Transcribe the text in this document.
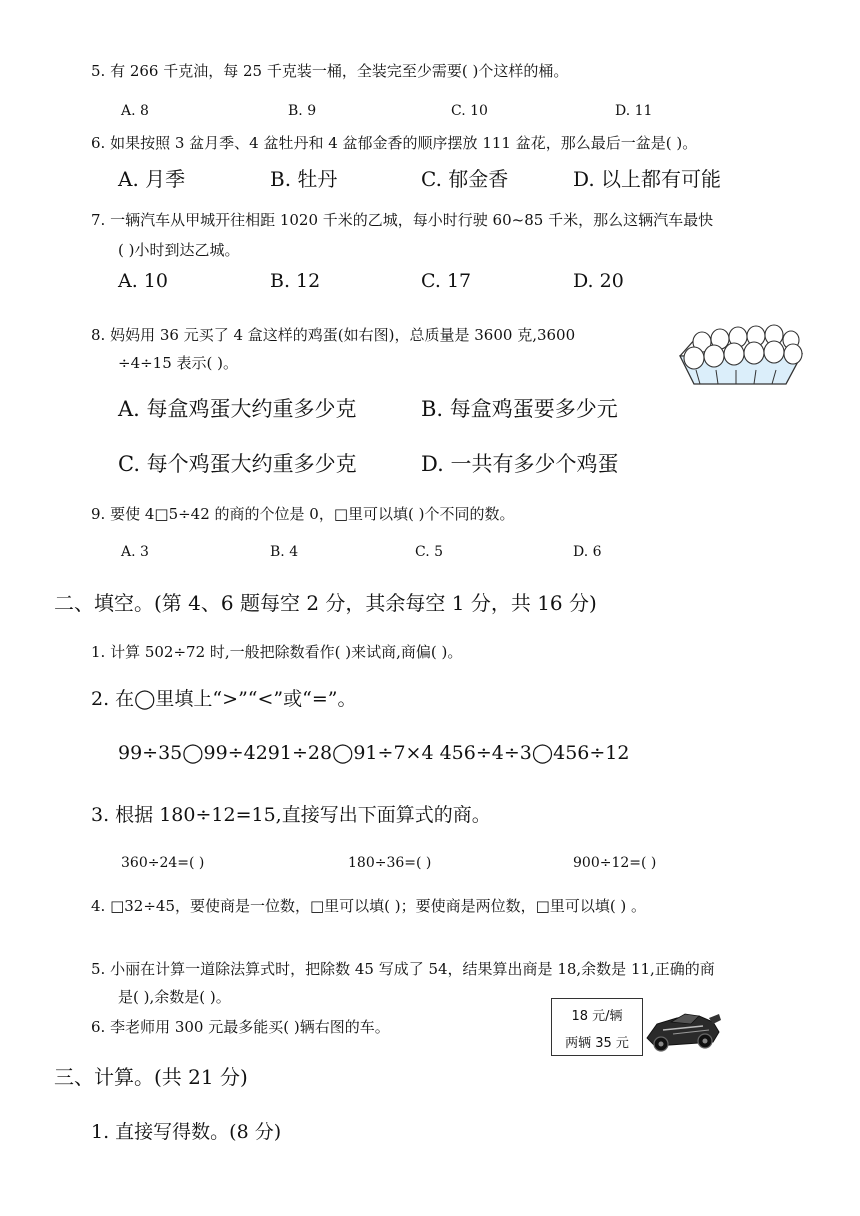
5. 有 266 千克油，每 25 千克装一桶，全装完至少需要( )个这样的桶。
A. 8	B. 9	C. 10	D. 11
6. 如果按照 3 盆月季、4 盆牡丹和 4 盆郁金香的顺序摆放 111 盆花，那么最后一盆是( )。
A. 月季	B. 牡丹	C. 郁金香	D. 以上都有可能
7. 一辆汽车从甲城开往相距 1020 千米的乙城，每小时行驶 60~85 千米，那么这辆汽车最快
( )小时到达乙城。
A. 10	B. 12	C. 17	D. 20
8. 妈妈用 36 元买了 4 盒这样的鸡蛋(如右图)，总质量是 3600 克,3600
÷4÷15 表示( )。
A. 每盒鸡蛋大约重多少克	B. 每盒鸡蛋要多少元
C. 每个鸡蛋大约重多少克	D. 一共有多少个鸡蛋
9. 要使 4□5÷42 的商的个位是 0，□里可以填( )个不同的数。
A. 3	B. 4	C. 5	D. 6
二、填空。(第 4、6 题每空 2 分，其余每空 1 分，共 16 分)
1. 计算 502÷72 时,一般把除数看作( )来试商,商偏( )。
2. 在◯里填上“>”“<”或“=”。
99÷35◯99÷4291÷28◯91÷7×4 456÷4÷3◯456÷12
3. 根据 180÷12=15,直接写出下面算式的商。
360÷24=( )	180÷36=( )	900÷12=( )
4. □32÷45，要使商是一位数，□里可以填( )；要使商是两位数，□里可以填( ) 。
5. 小丽在计算一道除法算式时，把除数 45 写成了 54，结果算出商是 18,余数是 11,正确的商
是( ),余数是( )。
6. 李老师用 300 元最多能买( )辆右图的车。
18 元/辆
两辆 35 元
三、计算。(共 21 分)
1. 直接写得数。(8 分)
